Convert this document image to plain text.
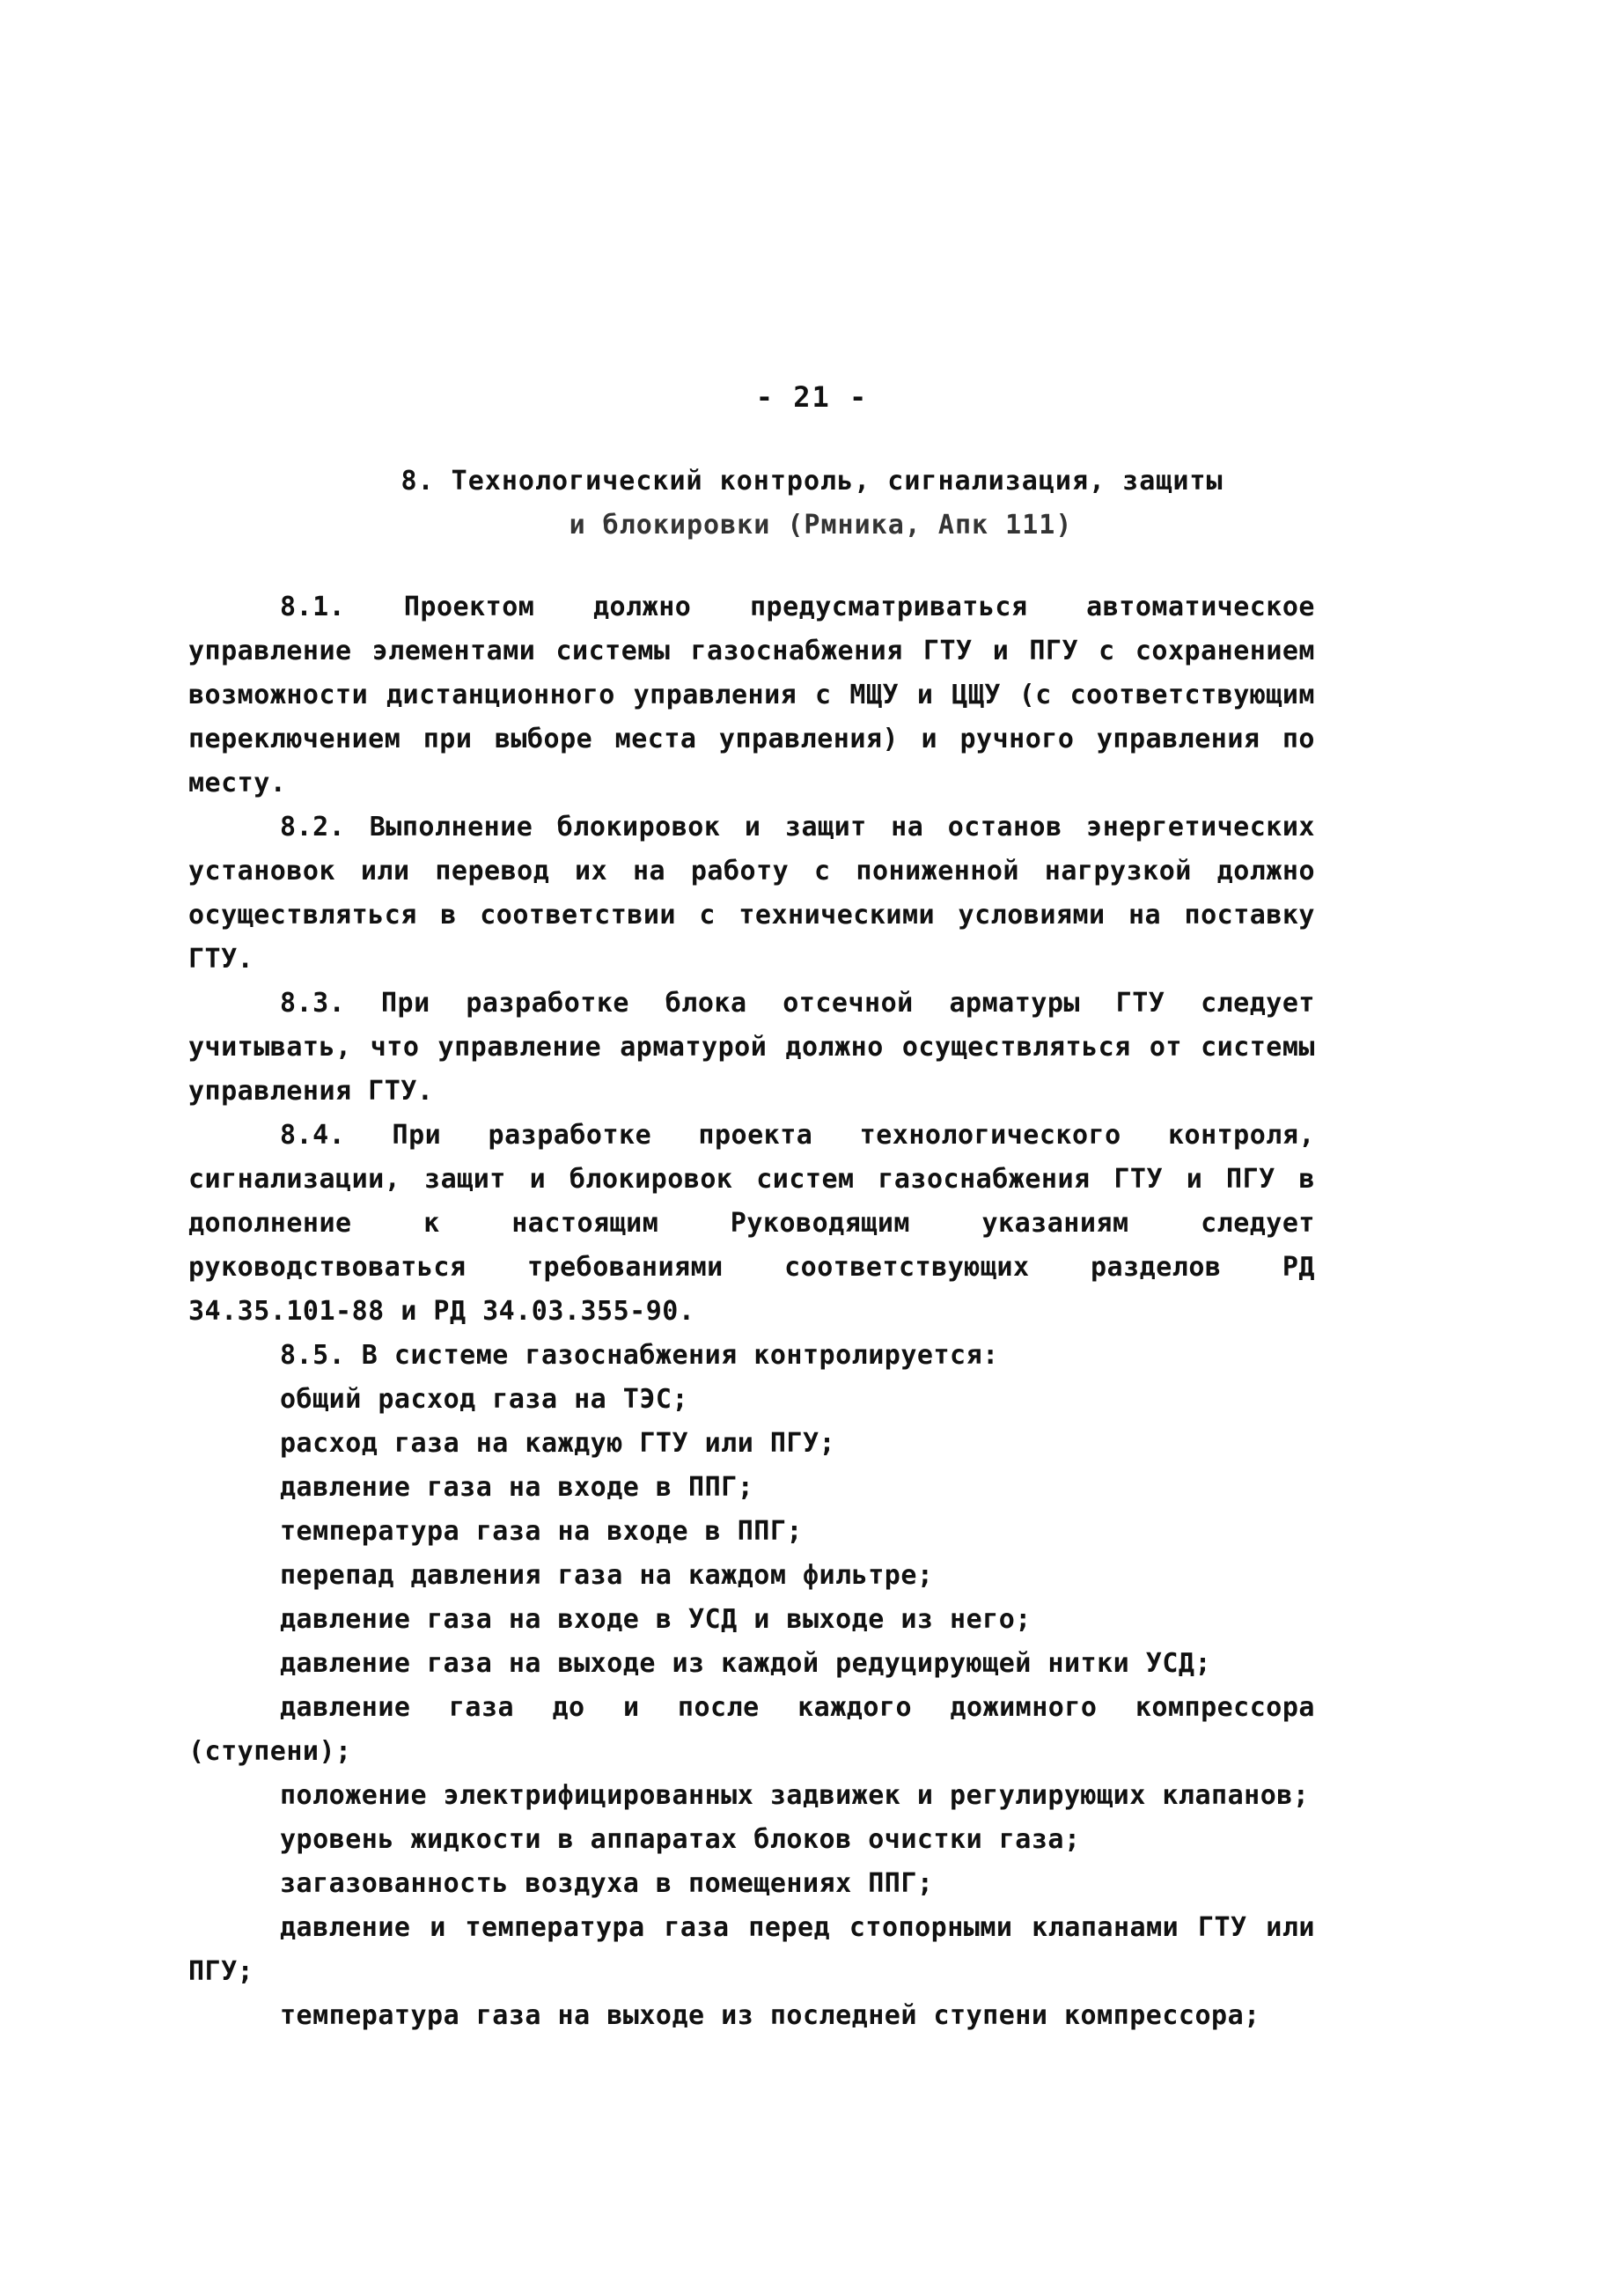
- 21 -
8. Технологический контроль, сигнализация, защиты
и блокировки (Рмника, Апк 111)

8.1. Проектом должно предусматриваться автоматическое управление элементами системы газоснабжения ГТУ и ПГУ с сохранением возможности дистанционного управления с МЩУ и ЦЩУ (с соответствующим переключением при выборе места управления) и ручного управления по месту.

8.2. Выполнение блокировок и защит на останов энергетических установок или перевод их на работу с пониженной нагрузкой должно осуществляться в соответствии с техническими условиями на поставку ГТУ.

8.3. При разработке блока отсечной арматуры ГТУ следует учитывать, что управление арматурой должно осуществляться от системы управления ГТУ.

8.4. При разработке проекта технологического контроля, сигнализации, защит и блокировок систем газоснабжения ГТУ и ПГУ в дополнение к настоящим Руководящим указаниям следует руководствоваться требованиями соответствующих разделов РД 34.35.101-88 и РД 34.03.355-90.

8.5. В системе газоснабжения контролируется:

общий расход газа на ТЭС;
расход газа на каждую ГТУ или ПГУ;
давление газа на входе в ППГ;
температура газа на входе в ППГ;
перепад давления газа на каждом фильтре;
давление газа на входе в УСД и выходе из него;
давление газа на выходе из каждой редуцирующей нитки УСД;
давление газа до и после каждого дожимного компрессора (ступени);
положение электрифицированных задвижек и регулирующих клапанов;
уровень жидкости в аппаратах блоков очистки газа;
загазованность воздуха в помещениях ППГ;
давление и температура газа перед стопорными клапанами ГТУ или ПГУ;
температура газа на выходе из последней ступени компрессора;
